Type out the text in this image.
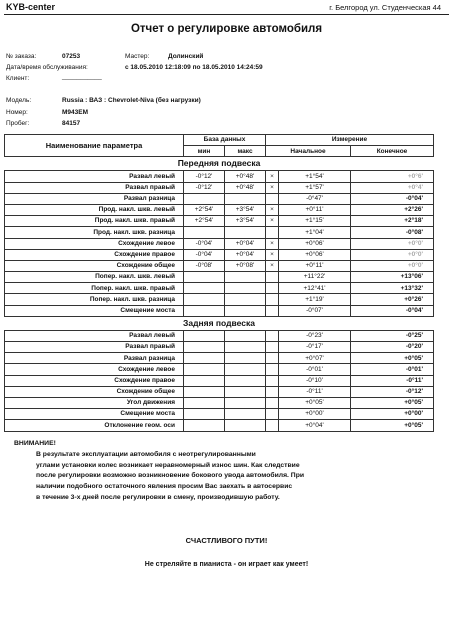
KYB-center	г. Белгород ул. Студенческая 44
Отчет о регулировке автомобиля
№ заказа:	07253	Мастер:	Долинский
Дата/время обслуживания:	с 18.05.2010 12:18:09 по 18.05.2010 14:24:59
Клиент:	___________
Модель:	Russia : ВАЗ : Chevrolet-Niva (без нагрузки)
Номер:	М943ЕМ
Пробег:	84157
Наименование параметра	База данных		Измерение		
	мин	макс	Начальное		Конечное
Передняя подвеска					
Развал левый	-0°12'	+0°48'	×	+1°54'	+0°6'
Развал правый	-0°12'	+0°48'	×	+1°57'	+0°4'
Развал разница				-0°47'	-0°04'
Прод. накл. шкв. левый	+2°54'	+3°54'	×	+0°11'	+2°26'
Прод. накл. шкв. правый	+2°54'	+3°54'	×	+1°15'	+2°18'
Прод. накл. шкв. разница				+1°04'	-0°08'
Схождение левое	-0°04'	+0°04'	×	+0°06'	+0°0'
Схождение правое	-0°04'	+0°04'	×	+0°06'	+0°0'
Схождение общее	-0°08'	+0°08'	×	+0°11'	+0°0'
Попер. накл. шкв. левый				+11°22'	+13°06'
Попер. накл. шкв. правый				+12°41'	+13°32'
Попер. накл. шкв. разница				+1°19'	+0°26'
Смещение моста				-0°07'	-0°04'
Задняя подвеска					
Развал левый				-0°23'	-0°25'
Развал правый				-0°17'	-0°20'
Развал разница				+0°07'	+0°05'
Схождение левое				-0°01'	-0°01'
Схождение правое				-0°10'	-0°11'
Схождение общее				-0°11'	-0°12'
Угол движения				+0°05'	+0°05'
Смещение моста				+0°00'	+0°00'
Отклонение геом. оси				+0°04'	+0°05'

ВНИМАНИЕ!

В результате эксплуатации автомобиля с неотрегулированными

углами установки колес возникает неравномерный износ шин. Как следствие

после регулировки возможно возникновение бокового увода автомобиля. При

наличии подобного остаточного явления просим Вас заехать в автосервис

в течение 3-х дней после регулировки в смену, производившую работу.

СЧАСТЛИВОГО ПУТИ!
Не стреляйте в пианиста - он играет как умеет!
